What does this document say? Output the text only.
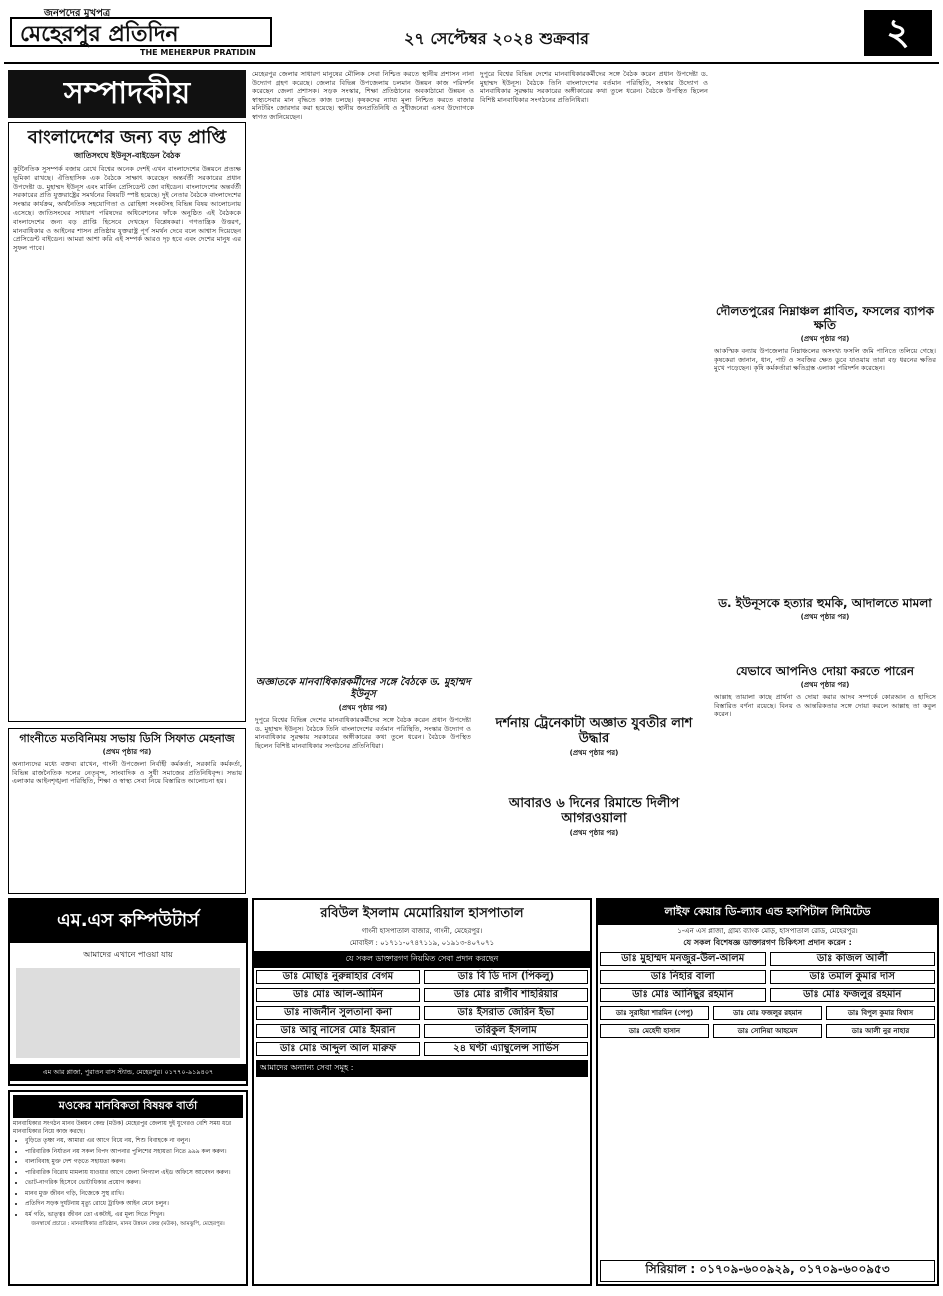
জনপদের মুখপত্র
মেহেরপুর প্রতিদিন
THE MEHERPUR PRATIDIN
২৭ সেপ্টেম্বর ২০২৪ শুক্রবার	২
সম্পাদকীয়
বাংলাদেশের জন্য বড় প্রাপ্তি
জাতিসংঘে ইউনূস-বাইডেন বৈঠক
কূটনৈতিক সুসম্পর্ক বজায় রেখে বিশ্বের অনেক দেশই এখন বাংলাদেশের উন্নয়নে প্রত্যক্ষ ভূমিকা রাখছে। ঐতিহাসিক এক বৈঠকে সাক্ষাৎ করেছেন অন্তর্বর্তী সরকারের প্রধান উপদেষ্টা ড. মুহাম্মদ ইউনূস এবং মার্কিন প্রেসিডেন্ট জো বাইডেন। বাংলাদেশের অন্তর্বর্তী সরকারের প্রতি যুক্তরাষ্ট্রের সমর্থনের বিষয়টি স্পষ্ট হয়েছে। দুই নেতার বৈঠকে বাংলাদেশের সংস্কার কার্যক্রম, অর্থনৈতিক সহযোগিতা ও রোহিঙ্গা সংকটসহ বিভিন্ন বিষয় আলোচনায় এসেছে। জাতিসংঘের সাধারণ পরিষদের অধিবেশনের ফাঁকে অনুষ্ঠিত এই বৈঠককে বাংলাদেশের জন্য বড় প্রাপ্তি হিসেবে দেখছেন বিশ্লেষকরা। গণতান্ত্রিক উত্তরণ, মানবাধিকার ও আইনের শাসন প্রতিষ্ঠায় যুক্তরাষ্ট্র পূর্ণ সমর্থন দেবে বলে আশ্বাস দিয়েছেন প্রেসিডেন্ট বাইডেন। আমরা আশা করি এই সম্পর্ক আরও দৃঢ় হবে এবং দেশের মানুষ এর সুফল পাবে।
গাংনীতে মতবিনিময় সভায় ডিসি সিফাত মেহনাজ
(প্রথম পৃষ্ঠার পর)
অন্যান্যদের মধ্যে বক্তব্য রাখেন, গাংনী উপজেলা নির্বাহী কর্মকর্তা, সরকারি কর্মকর্তা, বিভিন্ন রাজনৈতিক দলের নেতৃবৃন্দ, সাংবাদিক ও সুধী সমাজের প্রতিনিধিবৃন্দ। সভায় এলাকার আইনশৃঙ্খলা পরিস্থিতি, শিক্ষা ও স্বাস্থ্য সেবা নিয়ে বিস্তারিত আলোচনা হয়।
মেহেরপুর জেলার সাধারণ মানুষের মৌলিক সেবা নিশ্চিত করতে স্থানীয় প্রশাসন নানা উদ্যোগ গ্রহণ করেছে। জেলার বিভিন্ন উপজেলায় চলমান উন্নয়ন কাজ পরিদর্শন করেছেন জেলা প্রশাসক। সড়ক সংস্কার, শিক্ষা প্রতিষ্ঠানের অবকাঠামো উন্নয়ন ও স্বাস্থ্যসেবার মান বৃদ্ধিতে কাজ চলছে। কৃষকদের ন্যায্য মূল্য নিশ্চিত করতে বাজার মনিটরিং জোরদার করা হয়েছে। স্থানীয় জনপ্রতিনিধি ও সুধীজনেরা এসব উদ্যোগকে স্বাগত জানিয়েছেন।
অজ্ঞাতকে মানবাধিকারকর্মীদের সঙ্গে বৈঠকে ড. মুহাম্মদ ইউনূস
(প্রথম পৃষ্ঠার পর)
দুপুরে বিশ্বের বিভিন্ন দেশের মানবাধিকারকর্মীদের সঙ্গে বৈঠক করেন প্রধান উপদেষ্টা ড. মুহাম্মদ ইউনূস। বৈঠকে তিনি বাংলাদেশের বর্তমান পরিস্থিতি, সংস্কার উদ্যোগ ও মানবাধিকার সুরক্ষায় সরকারের অঙ্গীকারের কথা তুলে ধরেন। বৈঠকে উপস্থিত ছিলেন বিশিষ্ট মানবাধিকার সংগঠনের প্রতিনিধিরা।
দুপুরে বিশ্বের বিভিন্ন দেশের মানবাধিকারকর্মীদের সঙ্গে বৈঠক করেন প্রধান উপদেষ্টা ড. মুহাম্মদ ইউনূস। বৈঠকে তিনি বাংলাদেশের বর্তমান পরিস্থিতি, সংস্কার উদ্যোগ ও মানবাধিকার সুরক্ষায় সরকারের অঙ্গীকারের কথা তুলে ধরেন। বৈঠকে উপস্থিত ছিলেন বিশিষ্ট মানবাধিকার সংগঠনের প্রতিনিধিরা।
দর্শনায় ট্রেনেকাটা অজ্ঞাত যুবতীর লাশ উদ্ধার
(প্রথম পৃষ্ঠার পর)
আবারও ৬ দিনের রিমান্ডে দিলীপ আগরওয়ালা
(প্রথম পৃষ্ঠার পর)
দৌলতপুরের নিম্নাঞ্চল প্লাবিত, ফসলের ব্যাপক ক্ষতি
(প্রথম পৃষ্ঠার পর)
আকস্মিক বন্যায় উপজেলার নিম্নাঞ্চলের অসংখ্য ফসলি জমি পানিতে তলিয়ে গেছে। কৃষকেরা জানান, ধান, পাট ও সবজির ক্ষেত ডুবে যাওয়ায় তারা বড় ধরনের ক্ষতির মুখে পড়েছেন। কৃষি কর্মকর্তারা ক্ষতিগ্রস্ত এলাকা পরিদর্শন করেছেন।
ড. ইউনূসকে হত্যার হুমকি, আদালতে মামলা
(প্রথম পৃষ্ঠার পর)
যেভাবে আপনিও দোয়া করতে পারেন
(প্রথম পৃষ্ঠার পর)
আল্লাহ তায়ালা কাছে প্রার্থনা ও দোয়া করার আদব সম্পর্কে কোরআন ও হাদিসে বিস্তারিত বর্ণনা রয়েছে। বিনয় ও আন্তরিকতার সঙ্গে দোয়া করলে আল্লাহ তা কবুল করেন।
এম.এস কম্পিউটার্স
আমাদের এখানে পাওয়া যায়
এম আর প্লাজা, পুরাতন বাস স্ট্যান্ড, মেহেরপুর। ০১৭৭০-৯১৯৪০৭
রবিউল ইসলাম মেমোরিয়াল হাসপাতাল
গাংনী হাসপাতাল বাজার, গাংনী, মেহেরপুর।
মোবাইল : ০১৭১১-০৭৪৭১১৯, ০১৯১৩-৪০৭০৭১
যে সকল ডাক্তারগণ নিয়মিত সেবা প্রদান করছেন
ডাঃ মোছাঃ নুরুন্নাহার বেগম	ডাঃ বি ডি দাস (পিকলু)
ডাঃ মোঃ আল-আমিন	ডাঃ মোঃ রাগীব শাহরিয়ার
ডাঃ নাজনীন সুলতানা কনা	ডাঃ ইসরাত জেরিন ইভা
ডাঃ আবু নাসের মোঃ ইমরান	তরিকুল ইসলাম
ডাঃ মোঃ আব্দুল আল মারুফ	২৪ ঘণ্টা এ্যাম্বুলেন্স সার্ভিস
আমাদের অন্যান্য সেবা সমূহ :
লাইফ কেয়ার ডি-ল্যাব এন্ড হসপিটাল লিমিটেড
১-এন এস প্লাজা, গ্রাম্য ব্যাংক মোড়, হাসপাতাল রোড, মেহেরপুর।
যে সকল বিশেষজ্ঞ ডাক্তারগণ চিকিৎসা প্রদান করেন :
ডাঃ মুহাম্মদ মনজুর-উল-আলম	ডাঃ কাজল আলী
ডাঃ নিহার বালা	ডাঃ তমাল কুমার দাস
ডাঃ মোঃ আনিছুর রহমান	ডাঃ মোঃ ফজলুর রহমান
ডাঃ সুরাইয়া শারমিন (পেপু)	ডাঃ মোঃ ফজলুর রহমান	ডাঃ বিপুল কুমার বিশ্বাস
ডাঃ মেহেদী হাসান	ডাঃ সোনিয়া আহমেদ	ডাঃ আলী নুর নাহার
সিরিয়াল : ০১৭০৯-৬০০৯২৯, ০১৭০৯-৬০০৯৫৩
মওকের মানবিকতা বিষয়ক বার্তা
মানবাধিকার সংগঠন মানব উন্নয়ন কেন্দ্র (মউক) মেহেরপুর জেলায় দুই যুগেরও বেশি সময় ধরে মানবাধিকার নিয়ে কাজ করছে।
• বুড়িতে তৃষ্ণা নয়, আমারা এর আগে বিয়ে নয়, শিশু বিবাহকে না বলুন।
• পারিবারিক নির্যাতন নয় সকল বিপদ আপনার পুলিশের সহায়তা নিতে ৯৯৯ কল করুন।
• বাল্যবিবাহ মুক্ত দেশ গড়তে সহায়তা করুন।
• পারিবারিক বিরোধ মামলায় যাওয়ার আগে জেলা লিগ্যাল এইড অফিসে আবেদন করুন।
• ভোট-নাগরিক হিসেবে ভোটাধিকার প্রয়োগ করুন।
• মানব মুক্ত জীবন গড়ি, নিজেকে সুস্থ রাখি।
• প্রতিদিন সড়ক দুর্ঘটনায় মৃত্যু রোধে ট্রাফিক আইন মেনে চলুন।
• ধর্ম গতি, ভাতৃত্বঃ জীবন তো একটাই, এর মূল্য দিতে শিখুন।
জনস্বার্থে প্রচারে : মানবাধিকার প্রতিষ্ঠান, মানব উন্নয়ন কেন্দ্র (মউক), আমঝুপি, মেহেরপুর।
